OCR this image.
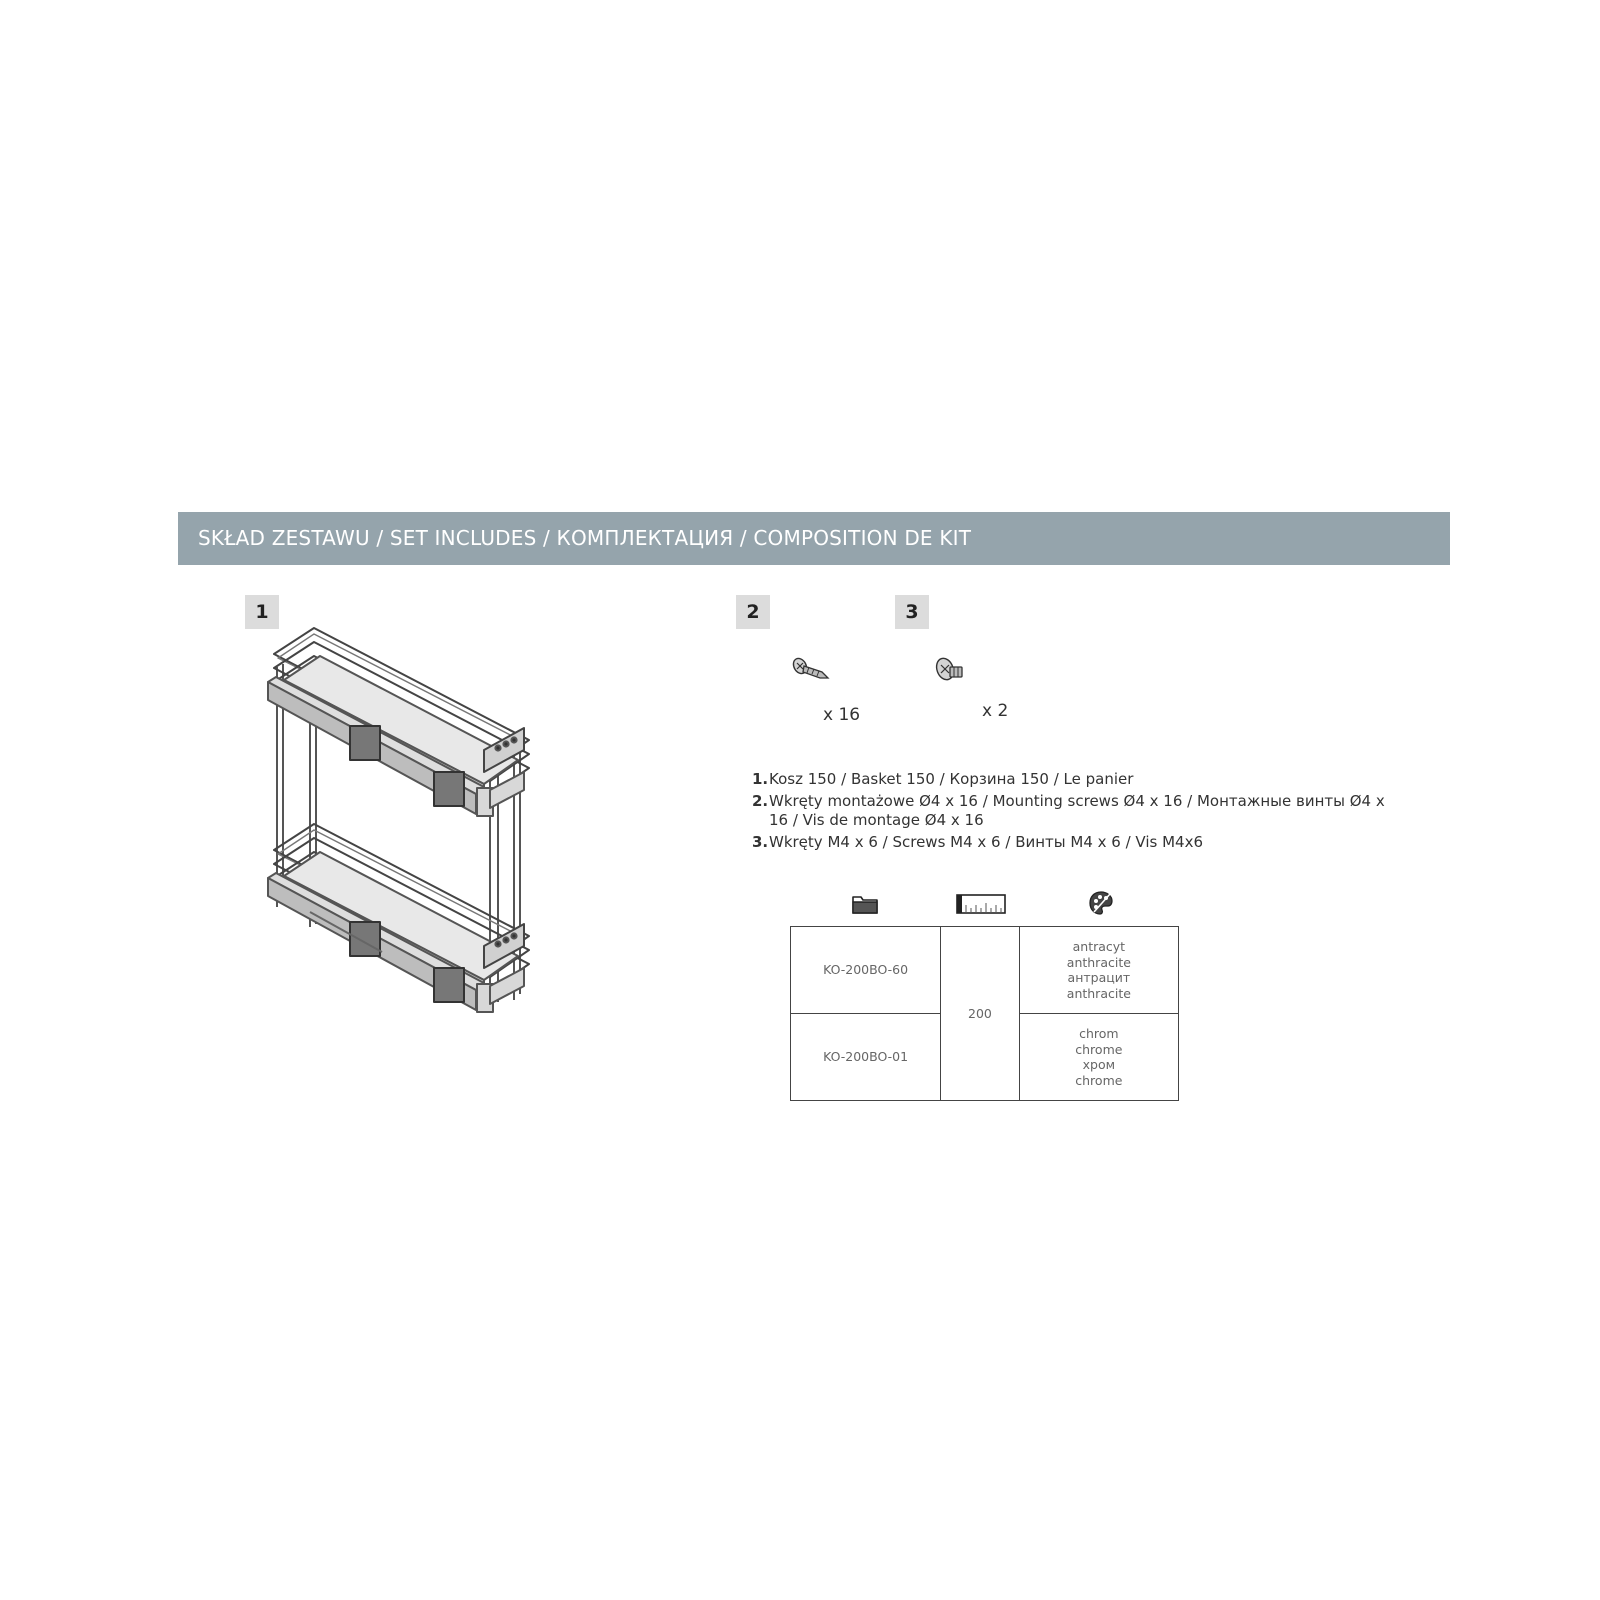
SKŁAD ZESTAWU / SET INCLUDES / КОМПЛЕКТАЦИЯ / COMPOSITION DE KIT
1	2	3
x 16	x 2
1. Kosz 150 / Basket 150 / Корзина 150 / Le panier
2. Wkręty montażowe Ø4 x 16 / Mounting screws Ø4 x 16 / Монтажные винты Ø4 x 16 / Vis de montage Ø4 x 16
3. Wkręty M4 x 6 / Screws M4 x 6 / Винты M4 x 6 / Vis M4x6
KO-200BO-60	200	antracyt
anthracite
антрацит
anthracite

KO-200BO-01		chrom
chrome
хром
chrome
